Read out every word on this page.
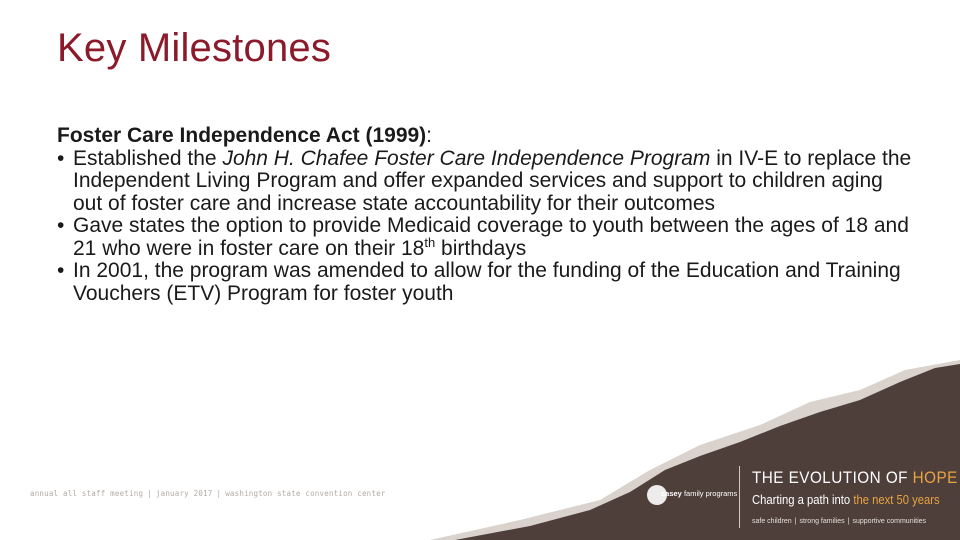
Key Milestones

Foster Care Independence Act (1999):

• Established the John H. Chafee Foster Care Independence Program in IV-E to replace the Independent Living Program and offer expanded services and support to children aging out of foster care and increase state accountability for their outcomes
• Gave states the option to provide Medicaid coverage to youth between the ages of 18 and 21 who were in foster care on their 18th birthdays
• In 2001, the program was amended to allow for the funding of the Education and Training Vouchers (ETV) Program for foster youth
annual all staff meeting | january 2017 | washington state convention center	casey family programs
THE EVOLUTION OF HOPE
Charting a path into the next 50 years
safe children | strong families | supportive communities
